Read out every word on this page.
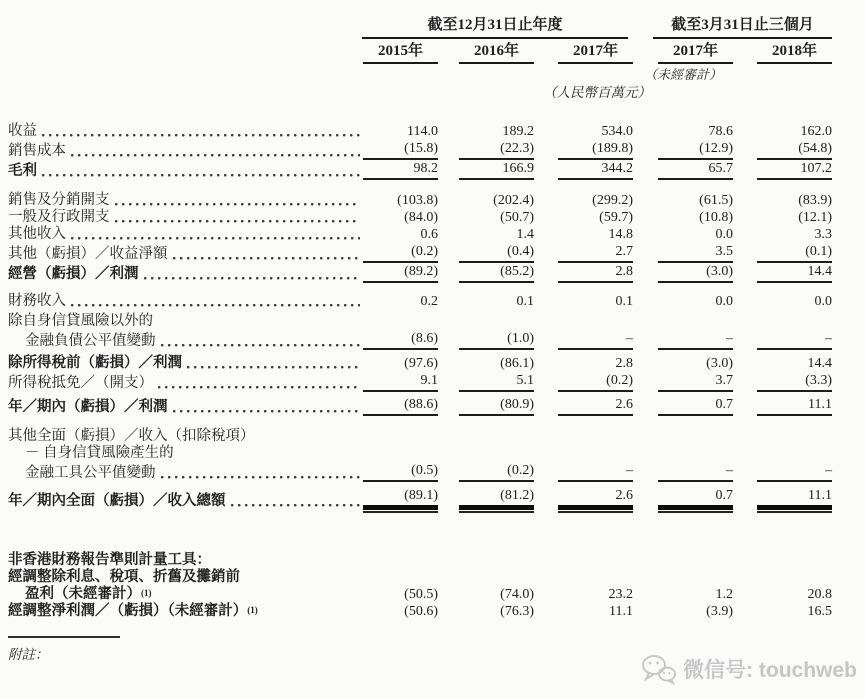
	截至12月31日止年度			截至3月31日止三個月	

	2015年	2016年	2017年	2017年	2018年

				（未經審計）	

	（人民幣百萬元）				

收益	114.0	189.2	534.0	78.6	162.0

銷售成本	(15.8)	(22.3)	(189.8)	(12.9)	(54.8)

毛利	98.2	166.9	344.2	65.7	107.2

銷售及分銷開支	(103.8)	(202.4)	(299.2)	(61.5)	(83.9)

一般及行政開支	(84.0)	(50.7)	(59.7)	(10.8)	(12.1)

其他收入	0.6	1.4	14.8	0.0	3.3

其他（虧損）／收益淨額	(0.2)	(0.4)	2.7	3.5	(0.1)

經營（虧損）／利潤	(89.2)	(85.2)	2.8	(3.0)	14.4

財務收入	0.2	0.1	0.1	0.0	0.0

除自身信貸風險以外的					

金融負債公平值變動	(8.6)	(1.0)	–	–	–

除所得稅前（虧損）／利潤	(97.6)	(86.1)	2.8	(3.0)	14.4

所得稅抵免／（開支）	9.1	5.1	(0.2)	3.7	(3.3)

年／期內（虧損）／利潤	(88.6)	(80.9)	2.6	0.7	11.1

其他全面（虧損）／收入（扣除稅項）					

－ 自身信貸風險產生的					

金融工具公平值變動	(0.5)	(0.2)	–	–	–

年／期內全面（虧損）／收入總額	(89.1)	(81.2)	2.6	0.7	11.1

非香港財務報告準則計量工具：					

經調整除利息、稅項、折舊及攤銷前					

盈利（未經審計） (1)	(50.5)	(74.0)	23.2	1.2	20.8

經調整淨利潤／（虧損）（未經審計） (1)	(50.6)	(76.3)	11.1	(3.9)	16.5
附註：
微信号: touchweb
